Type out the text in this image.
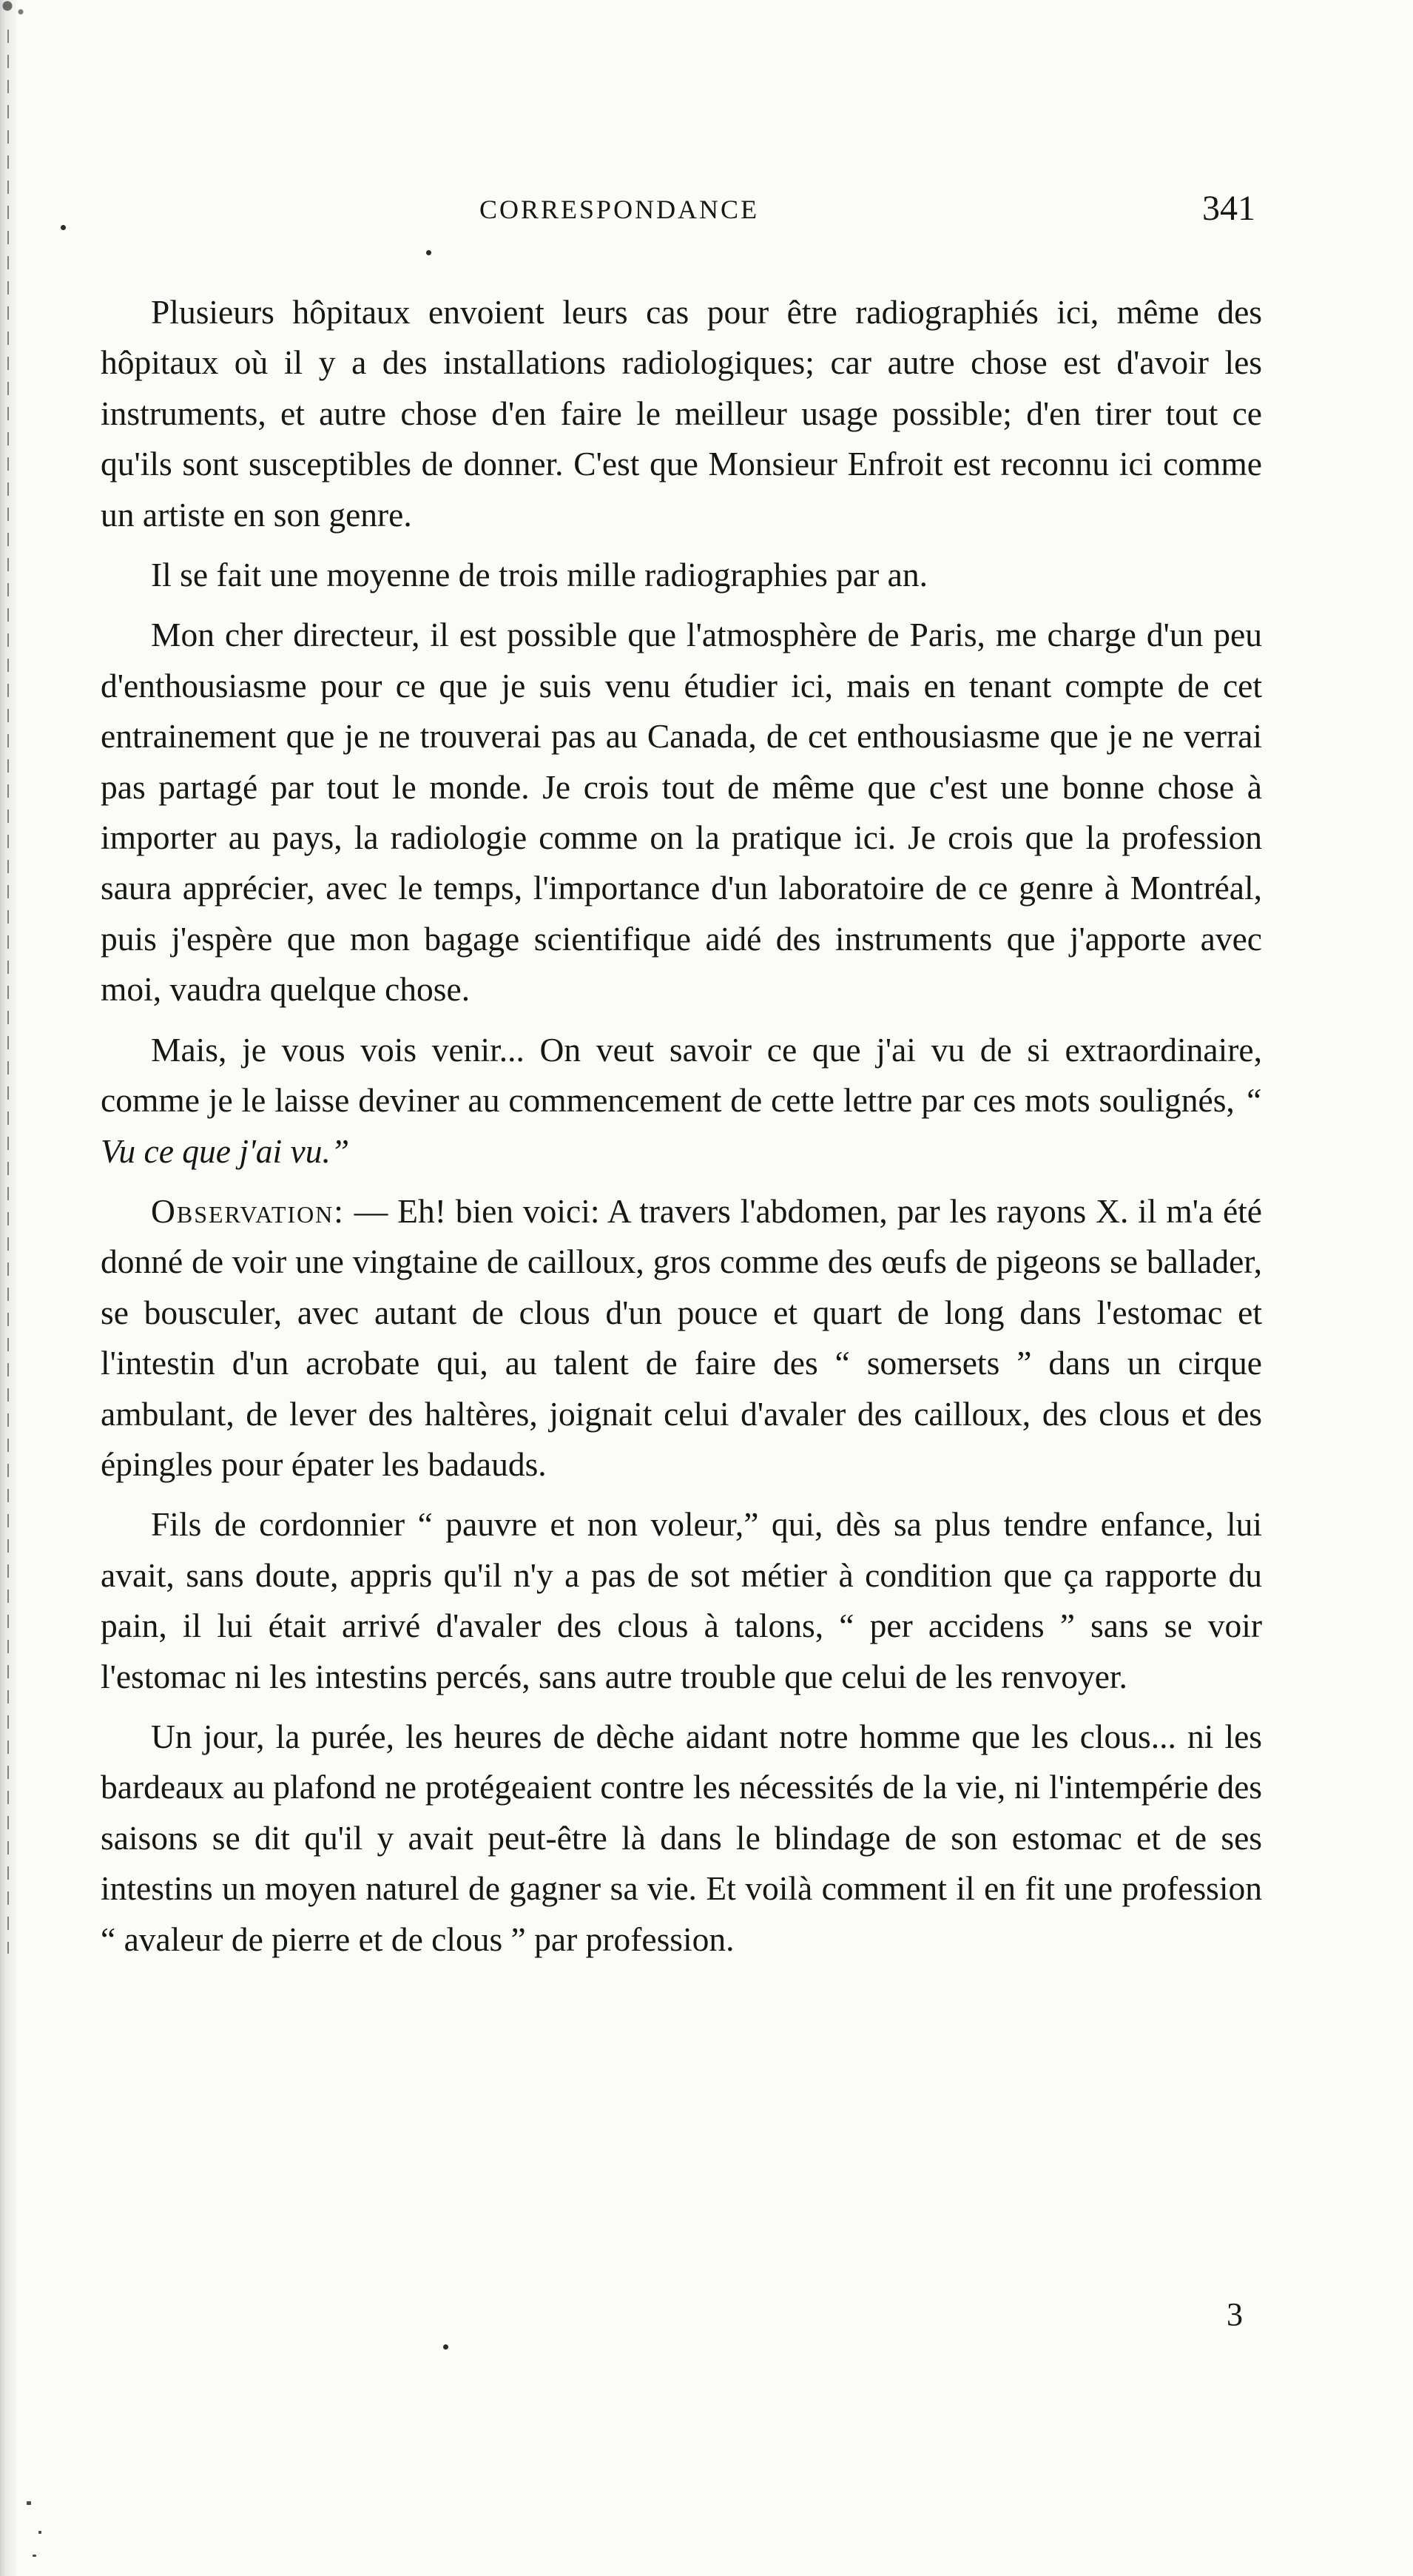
CORRESPONDANCE	341

Plusieurs hôpitaux envoient leurs cas pour être radiographiés ici, même des hôpitaux où il y a des installations radiologiques; car autre chose est d'avoir les instruments, et autre chose d'en faire le meilleur usage possible; d'en tirer tout ce qu'ils sont susceptibles de donner. C'est que Monsieur Enfroit est reconnu ici comme un artiste en son genre.

Il se fait une moyenne de trois mille radiographies par an.

Mon cher directeur, il est possible que l'atmosphère de Paris, me charge d'un peu d'enthousiasme pour ce que je suis venu étudier ici, mais en tenant compte de cet entrainement que je ne trouverai pas au Canada, de cet enthousiasme que je ne verrai pas partagé par tout le monde. Je crois tout de même que c'est une bonne chose à importer au pays, la radiologie comme on la pratique ici. Je crois que la profession saura apprécier, avec le temps, l'importance d'un laboratoire de ce genre à Montréal, puis j'espère que mon bagage scientifique aidé des instruments que j'apporte avec moi, vaudra quelque chose.

Mais, je vous vois venir... On veut savoir ce que j'ai vu de si extraordinaire, comme je le laisse deviner au commencement de cette lettre par ces mots soulignés, “ Vu ce que j'ai vu.”

Observation: — Eh! bien voici: A travers l'abdomen, par les rayons X. il m'a été donné de voir une vingtaine de cailloux, gros comme des œufs de pigeons se ballader, se bousculer, avec autant de clous d'un pouce et quart de long dans l'estomac et l'intestin d'un acrobate qui, au talent de faire des “ somersets ” dans un cirque ambulant, de lever des haltères, joignait celui d'avaler des cailloux, des clous et des épingles pour épater les badauds.

Fils de cordonnier “ pauvre et non voleur,” qui, dès sa plus tendre enfance, lui avait, sans doute, appris qu'il n'y a pas de sot métier à condition que ça rapporte du pain, il lui était arrivé d'avaler des clous à talons, “ per accidens ” sans se voir l'estomac ni les intestins percés, sans autre trouble que celui de les renvoyer.

Un jour, la purée, les heures de dèche aidant notre homme que les clous... ni les bardeaux au plafond ne protégeaient contre les nécessités de la vie, ni l'intempérie des saisons se dit qu'il y avait peut-être là dans le blindage de son estomac et de ses intestins un moyen naturel de gagner sa vie. Et voilà comment il en fit une profession “ avaleur de pierre et de clous ” par profession.

3
